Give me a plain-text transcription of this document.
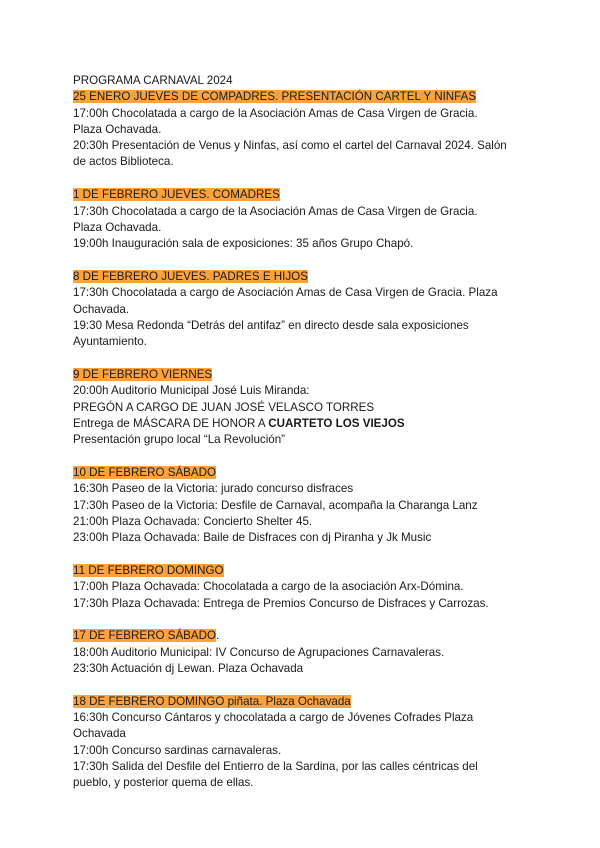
PROGRAMA CARNAVAL 2024
25 ENERO JUEVES DE COMPADRES. PRESENTACIÓN CARTEL Y NINFAS
17:00h Chocolatada a cargo de la Asociación Amas de Casa Virgen de Gracia.
Plaza Ochavada.
20:30h Presentación de Venus y Ninfas, así como el cartel del Carnaval 2024. Salón
de actos Biblioteca.
1 DE FEBRERO JUEVES. COMADRES
17:30h Chocolatada a cargo de la Asociación Amas de Casa Virgen de Gracia.
Plaza Ochavada.
19:00h Inauguración sala de exposiciones: 35 años Grupo Chapó.
8 DE FEBRERO JUEVES. PADRES E HIJOS
17:30h Chocolatada a cargo de Asociación Amas de Casa Virgen de Gracia. Plaza
Ochavada.
19:30 Mesa Redonda “Detrás del antifaz” en directo desde sala exposiciones
Ayuntamiento.
9 DE FEBRERO VIERNES
20:00h Auditorio Municipal José Luis Miranda:
PREGÓN A CARGO DE JUAN JOSÉ VELASCO TORRES
Entrega de MÁSCARA DE HONOR A CUARTETO LOS VIEJOS
Presentación grupo local “La Revolución”
10 DE FEBRERO SÁBADO
16:30h Paseo de la Victoria: jurado concurso disfraces
17:30h Paseo de la Victoria: Desfile de Carnaval, acompaña la Charanga Lanz
21:00h Plaza Ochavada: Concierto Shelter 45.
23:00h Plaza Ochavada: Baile de Disfraces con dj Piranha y Jk Music
11 DE FEBRERO DOMINGO
17:00h Plaza Ochavada: Chocolatada a cargo de la asociación Arx-Dómina.
17:30h Plaza Ochavada: Entrega de Premios Concurso de Disfraces y Carrozas.
17 DE FEBRERO SÁBADO.
18:00h Auditorio Municipal: IV Concurso de Agrupaciones Carnavaleras.
23:30h Actuación dj Lewan. Plaza Ochavada
18 DE FEBRERO DOMINGO piñata. Plaza Ochavada
16:30h Concurso Cántaros y chocolatada a cargo de Jóvenes Cofrades Plaza
Ochavada
17:00h Concurso sardinas carnavaleras.
17:30h Salida del Desfile del Entierro de la Sardina, por las calles céntricas del
pueblo, y posterior quema de ellas.
